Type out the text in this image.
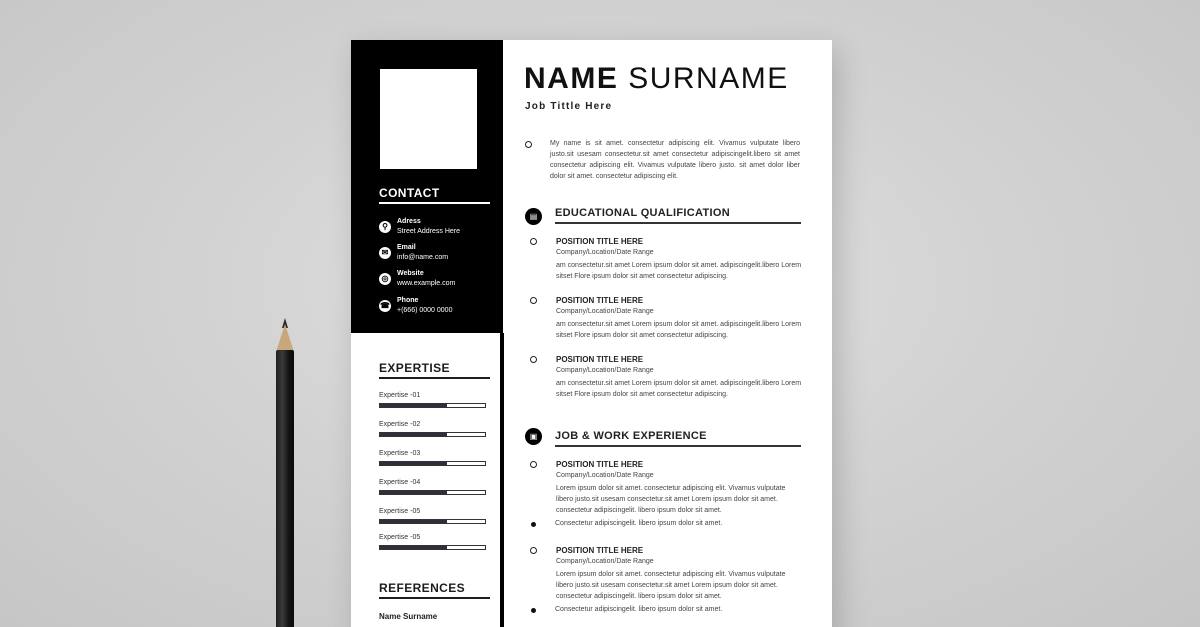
CONTACT
⚲
Adress
Street Address Here
✉
Email
info@name.com
◎
Website
www.example.com
☎
Phone
+(666) 0000 0000
EXPERTISE
REFERENCES
Name Surname
NAME SURNAME
Job Tittle Here
My name is sit amet. consectetur adipiscing elit. Vivamus vulputate libero justo.sit usesam consectetur.sit amet consectetur adipiscingelit.libero sit amet consectetur adipiscing elit. Vivamus vulputate libero justo. sit amet dolor liber dolor sit amet. consectetur adipiscing elit.
▤	EDUCATIONAL QUALIFICATION
▣	JOB & WORK EXPERIENCE
Expertise -01
Expertise -02
Expertise -03
Expertise -04
Expertise -05
Expertise -05
POSITION TITLE HERE
Company/Location/Date Range
am consectetur.sit amet Lorem ipsum dolor sit amet. adipiscingelit.libero Lorem sitset Flore ipsum dolor sit amet consectetur adipiscing.
POSITION TITLE HERE
Company/Location/Date Range
am consectetur.sit amet Lorem ipsum dolor sit amet. adipiscingelit.libero Lorem sitset Flore ipsum dolor sit amet consectetur adipiscing.
POSITION TITLE HERE
Company/Location/Date Range
am consectetur.sit amet Lorem ipsum dolor sit amet. adipiscingelit.libero Lorem sitset Flore ipsum dolor sit amet consectetur adipiscing.
POSITION TITLE HERE
Company/Location/Date Range
Lorem ipsum dolor sit amet. consectetur adipiscing elit. Vivamus vulputate libero justo.sit usesam consectetur.sit amet Lorem ipsum dolor sit amet. consectetur adipiscingelit. libero ipsum dolor sit amet.
Consectetur adipiscingelit. libero ipsum dolor sit amet.
POSITION TITLE HERE
Company/Location/Date Range
Lorem ipsum dolor sit amet. consectetur adipiscing elit. Vivamus vulputate libero justo.sit usesam consectetur.sit amet Lorem ipsum dolor sit amet. consectetur adipiscingelit. libero ipsum dolor sit amet.
Consectetur adipiscingelit. libero ipsum dolor sit amet.
